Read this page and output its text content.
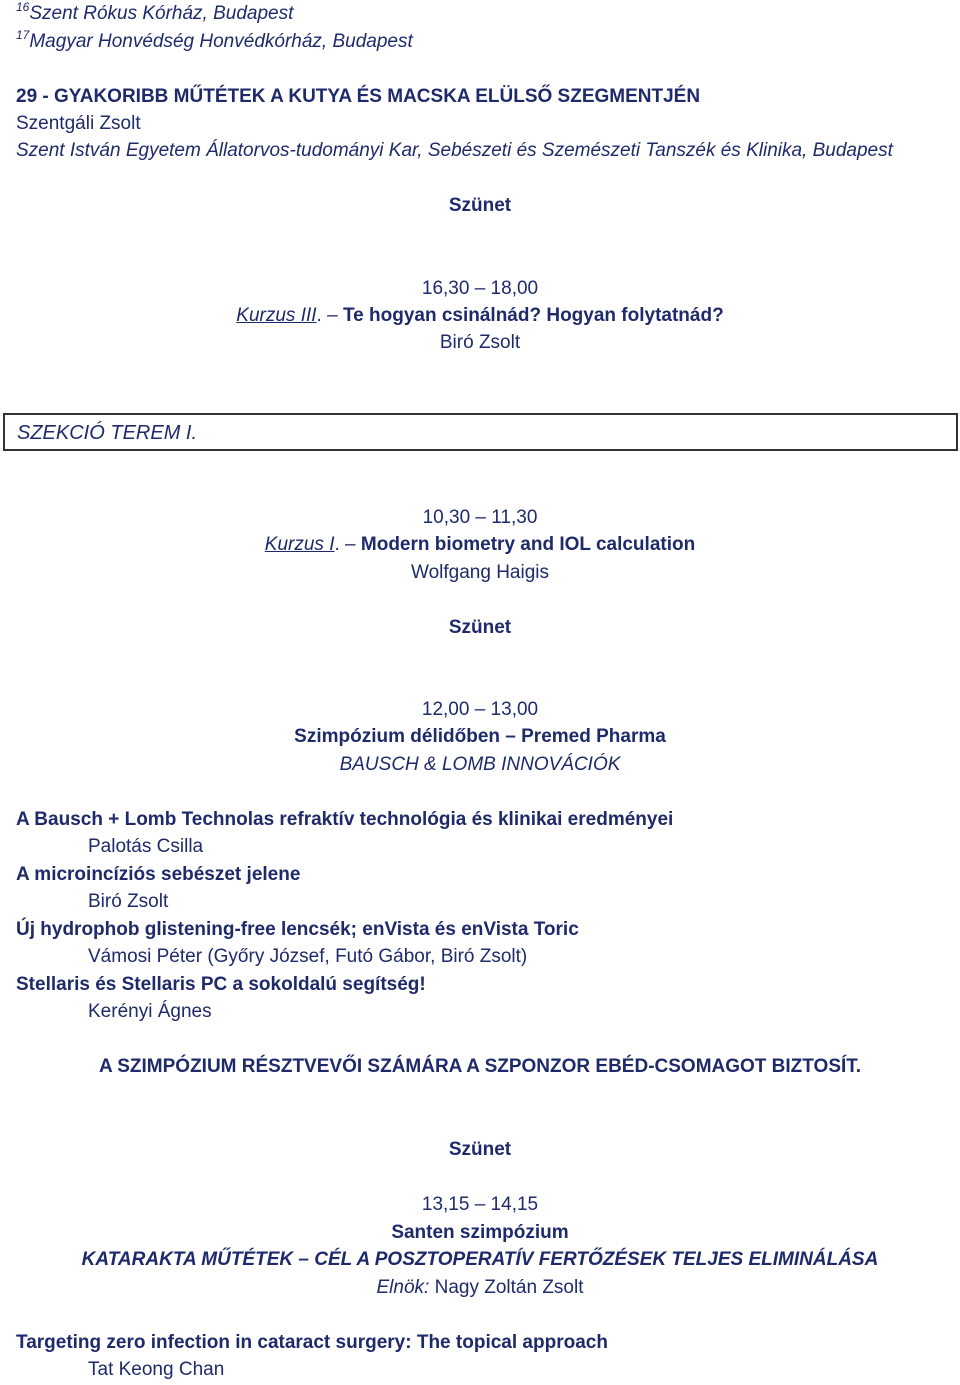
$^{16}$Szent Rókus Kórház, Budapest
$^{17}$Magyar Honvédség Honvédkórház, Budapest
29 - GYAKORIBB MŰTÉTEK A KUTYA ÉS MACSKA ELÜLSŐ SZEGMENTJÉN
Szentgáli Zsolt
Szent István Egyetem Állatorvos-tudományi Kar, Sebészeti és Szemészeti Tanszék és Klinika, Budapest
Szünet
16,30 – 18,00
Kurzus III. – Te hogyan csinálnád? Hogyan folytatnád?
Biró Zsolt
SZEKCIÓ TEREM I.
10,30 – 11,30
Kurzus I. – Modern biometry and IOL calculation
Wolfgang Haigis
Szünet
12,00 – 13,00
Szimpózium délidőben – Premed Pharma
BAUSCH & LOMB INNOVÁCIÓK
A Bausch + Lomb Technolas refraktív technológia és klinikai eredményei
Palotás Csilla
A microincíziós sebészet jelene
Biró Zsolt
Új hydrophob glistening-free lencsék; enVista és enVista Toric
Vámosi Péter (Győry József, Futó Gábor, Biró Zsolt)
Stellaris és Stellaris PC a sokoldalú segítség!
Kerényi Ágnes
A SZIMPÓZIUM RÉSZTVEVŐI SZÁMÁRA A SZPONZOR EBÉD-CSOMAGOT BIZTOSÍT.
Szünet
13,15 – 14,15
Santen szimpózium
KATARAKTA MŰTÉTEK – CÉL A POSZTOPERATÍV FERTŐZÉSEK TELJES ELIMINÁLÁSA
Elnök: Nagy Zoltán Zsolt
Targeting zero infection in cataract surgery: The topical approach
Tat Keong Chan
